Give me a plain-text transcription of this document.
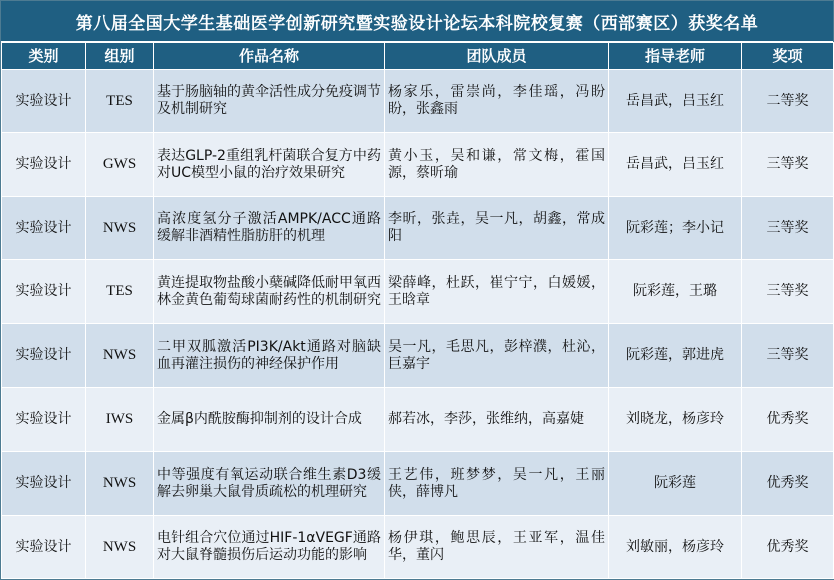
第八届全国大学生基础医学创新研究暨实验设计论坛本科院校复赛（西部赛区）获奖名单
类别	组别	作品名称	团队成员	指导老师	奖项
实验设计	TES	基于肠脑轴的黄伞活性成分免疫调节及机制研究	杨家乐，雷崇尚，李佳瑶，冯盼盼，张鑫雨	岳昌武，吕玉红	二等奖
实验设计	GWS	表达GLP-2重组乳杆菌联合复方中药对UC模型小鼠的治疗效果研究	黄小玉，吴和谦，常文梅，霍国源，蔡昕瑜	岳昌武，吕玉红	三等奖
实验设计	NWS	高浓度氢分子激活AMPK/ACC通路缓解非酒精性脂肪肝的机理	李昕，张垚，吴一凡，胡鑫，常成阳	阮彩莲；李小记	三等奖
实验设计	TES	黄连提取物盐酸小蘖碱降低耐甲氧西林金黄色葡萄球菌耐药性的机制研究	梁薛峰，杜跃，崔宁宁，白媛媛，王晗章	阮彩莲，王璐	三等奖
实验设计	NWS	二甲双胍激活PI3K/Akt通路对脑缺血再灌注损伤的神经保护作用	吴一凡，毛思凡，彭梓濮，杜沁，巨嘉宇	阮彩莲，郭进虎	三等奖
实验设计	IWS	金属β内酰胺酶抑制剂的设计合成	郝若冰，李莎，张维纳，高嘉婕	刘晓龙，杨彦玲	优秀奖
实验设计	NWS	中等强度有氧运动联合维生素D3缓解去卵巢大鼠骨质疏松的机理研究	王艺伟，班梦梦，吴一凡，王丽侠，薛博凡	阮彩莲	优秀奖
实验设计	NWS	电针组合穴位通过HIF-1αVEGF通路对大鼠脊髓损伤后运动功能的影响	杨伊琪，鲍思辰，王亚军，温佳华，董闪	刘敏丽，杨彦玲	优秀奖
